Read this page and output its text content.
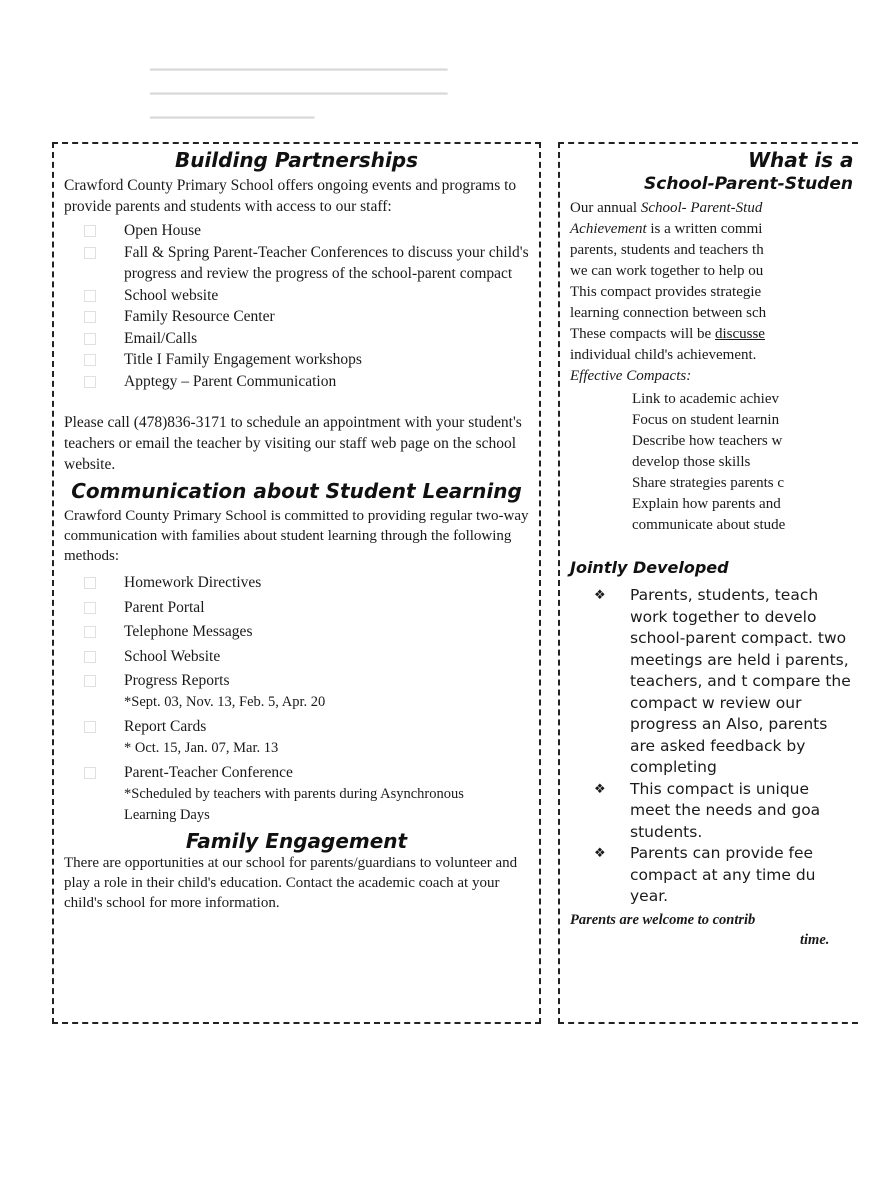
━━━━━━━━━━━━━━━━━━━━━━━━━━━━━━━━━━━━━━
━━━━━━━━━━━━━━━━━━━━━━━━━━━━━━━━━━━━━━
━━━━━━━━━━━━━━━━━━━━━
Building Partnerships
Crawford County Primary School offers ongoing events and programs to provide parents and students with access to our staff:
Open House
Fall & Spring Parent-Teacher Conferences to discuss your child's progress and review the progress of the school-parent compact
School website
Family Resource Center
Email/Calls
Title I Family Engagement workshops
Apptegy – Parent Communication
Please call (478)836-3171 to schedule an appointment with your student's teachers or email the teacher by visiting our staff web page on the school website.
Communication about Student Learning
Crawford County Primary School is committed to providing regular two-way communication with families about student learning through the following methods:
Homework Directives
Parent Portal
Telephone Messages
School Website
Progress Reports
*Sept. 03, Nov. 13, Feb. 5, Apr. 20
Report Cards
* Oct. 15, Jan. 07, Mar. 13
Parent-Teacher Conference
*Scheduled by teachers with parents during Asynchronous Learning Days
Family Engagement
There are opportunities at our school for parents/guardians to volunteer and play a role in their child's education. Contact the academic coach at your child's school for more information.
What is a
School-Parent-Studen
Our annual School- Parent-Stud
Achievement is a written commi
parents, students and teachers th
we can work together to help ou
This compact provides strategie
learning connection between sch
These compacts will be discusse
individual child's achievement.
Effective Compacts:
Link to academic achiev
Focus on student learnin
Describe how teachers w develop those skills
Share strategies parents c
Explain how parents and communicate about stude
Jointly Developed
❖ Parents, students, teach work together to develo school-parent compact. two meetings are held i parents, teachers, and t compare the compact w review our progress an Also, parents are asked feedback by completing
❖ This compact is unique meet the needs and goa students.
❖ Parents can provide fee compact at any time du year.
Parents are welcome to contrib
time.
